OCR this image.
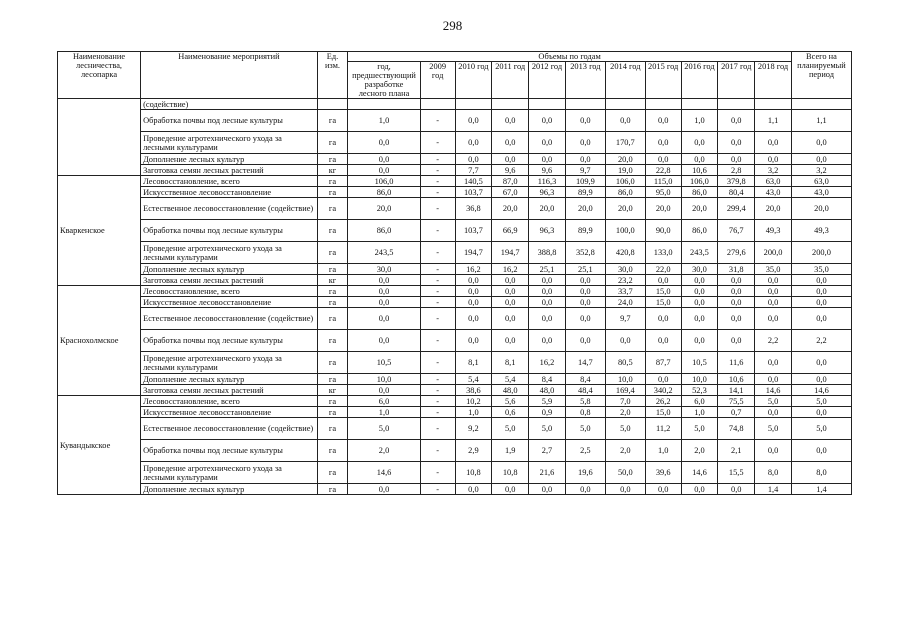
298
Наименование лесничества, лесопарка	Наименование мероприятий	Ед. изм.	Объемы по годам											Всего на планируемый период
			год, предшествующий разработке лесного плана	2009 год	2010 год	2011 год	2012 год	2013 год	2014 год	2015 год	2016 год	2017 год	2018 год	
	(содействие)													
	Обработка почвы под лесные культуры	га	1,0	-	0,0	0,0	0,0	0,0	0,0	0,0	1,0	0,0	1,1	1,1
	Проведение агротехнического ухода за лесными культурами	га	0,0	-	0,0	0,0	0,0	0,0	170,7	0,0	0,0	0,0	0,0	0,0
	Дополнение лесных культур	га	0,0	-	0,0	0,0	0,0	0,0	20,0	0,0	0,0	0,0	0,0	0,0
	Заготовка семян лесных растений	кг	0,0	-	7,7	9,6	9,6	9,7	19,0	22,8	10,6	2,8	3,2	3,2
Кваркенское	Лесовосстановление, всего	га	106,0	-	140,5	87,0	116,3	109,9	106,0	115,0	106,0	379,8	63,0	63,0
	Искусственное лесовосстановление	га	86,0	-	103,7	67,0	96,3	89,9	86,0	95,0	86,0	80,4	43,0	43,0
	Естественное лесовосстановление (содействие)	га	20,0	-	36,8	20,0	20,0	20,0	20,0	20,0	20,0	299,4	20,0	20,0
	Обработка почвы под лесные культуры	га	86,0	-	103,7	66,9	96,3	89,9	100,0	90,0	86,0	76,7	49,3	49,3
	Проведение агротехнического ухода за лесными культурами	га	243,5	-	194,7	194,7	388,8	352,8	420,8	133,0	243,5	279,6	200,0	200,0
	Дополнение лесных культур	га	30,0	-	16,2	16,2	25,1	25,1	30,0	22,0	30,0	31,8	35,0	35,0
	Заготовка семян лесных растений	кг	0,0	-	0,0	0,0	0,0	0,0	23,2	0,0	0,0	0,0	0,0	0,0
Краснохолмское	Лесовосстановление, всего	га	0,0	-	0,0	0,0	0,0	0,0	33,7	15,0	0,0	0,0	0,0	0,0
	Искусственное лесовосстановление	га	0,0	-	0,0	0,0	0,0	0,0	24,0	15,0	0,0	0,0	0,0	0,0
	Естественное лесовосстановление (содействие)	га	0,0	-	0,0	0,0	0,0	0,0	9,7	0,0	0,0	0,0	0,0	0,0
	Обработка почвы под лесные культуры	га	0,0	-	0,0	0,0	0,0	0,0	0,0	0,0	0,0	0,0	2,2	2,2
	Проведение агротехнического ухода за лесными культурами	га	10,5	-	8,1	8,1	16,2	14,7	80,5	87,7	10,5	11,6	0,0	0,0
	Дополнение лесных культур	га	10,0	-	5,4	5,4	8,4	8,4	10,0	0,0	10,0	10,6	0,0	0,0
	Заготовка семян лесных растений	кг	0,0	-	38,6	48,0	48,0	48,4	169,4	340,2	52,3	14,1	14,6	14,6
Кувандыкское	Лесовосстановление, всего	га	6,0	-	10,2	5,6	5,9	5,8	7,0	26,2	6,0	75,5	5,0	5,0
	Искусственное лесовосстановление	га	1,0	-	1,0	0,6	0,9	0,8	2,0	15,0	1,0	0,7	0,0	0,0
	Естественное лесовосстановление (содействие)	га	5,0	-	9,2	5,0	5,0	5,0	5,0	11,2	5,0	74,8	5,0	5,0
	Обработка почвы под лесные культуры	га	2,0	-	2,9	1,9	2,7	2,5	2,0	1,0	2,0	2,1	0,0	0,0
	Проведение агротехнического ухода за лесными культурами	га	14,6	-	10,8	10,8	21,6	19,6	50,0	39,6	14,6	15,5	8,0	8,0
	Дополнение лесных культур	га	0,0	-	0,0	0,0	0,0	0,0	0,0	0,0	0,0	0,0	1,4	1,4
